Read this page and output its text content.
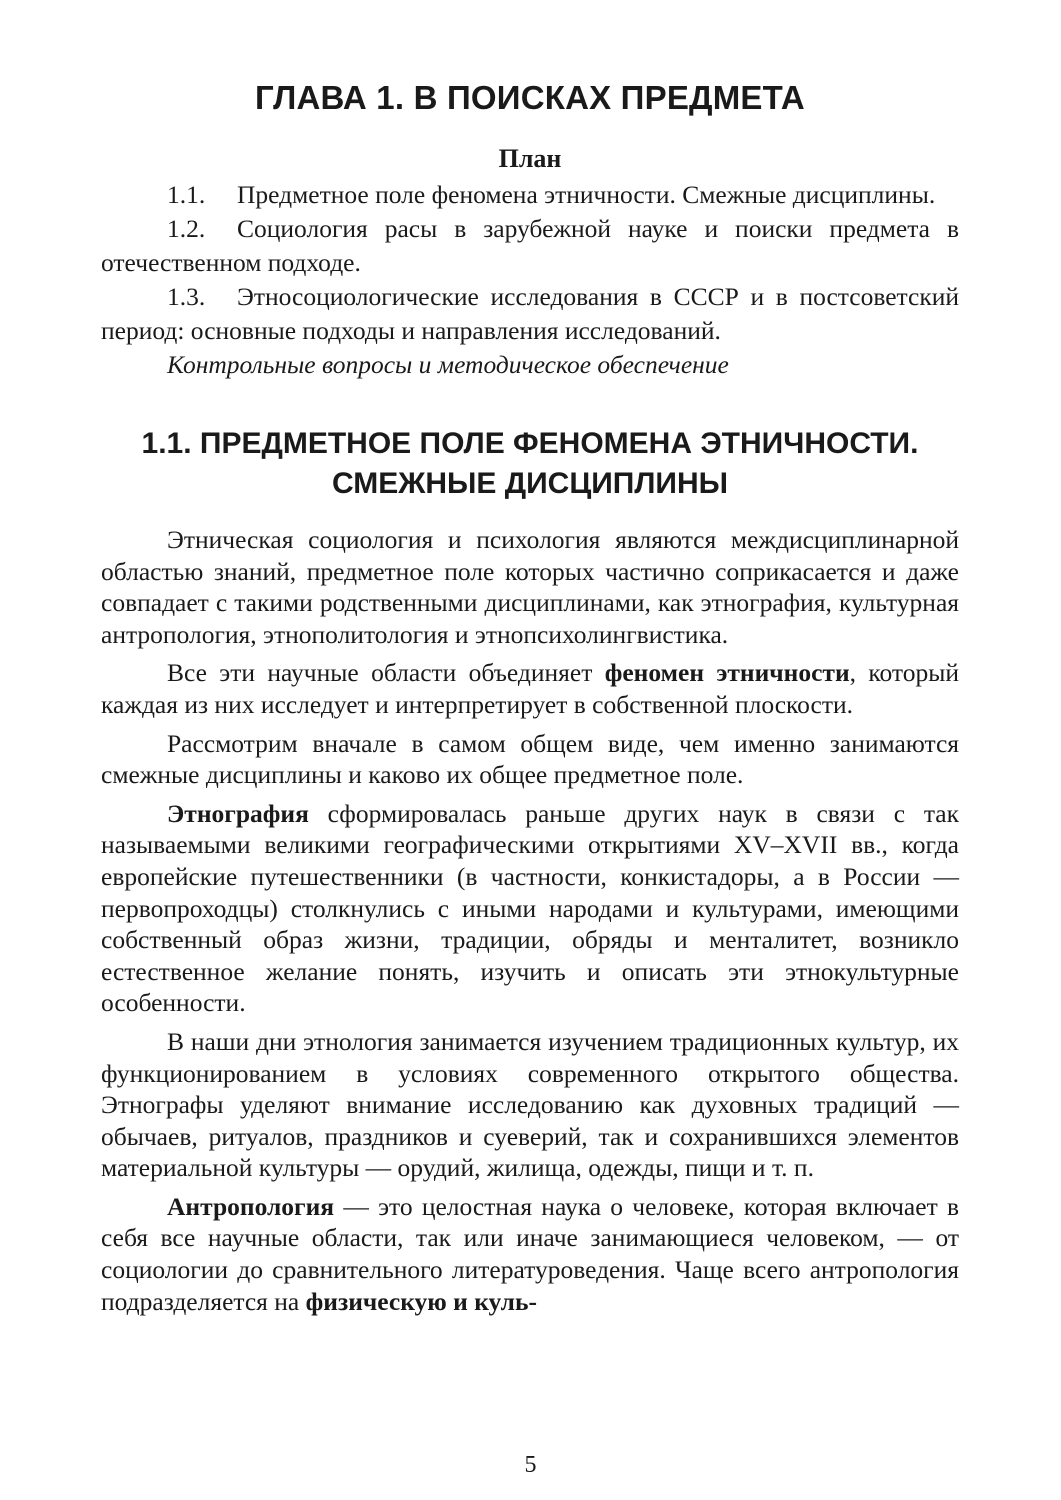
ГЛАВА 1. В ПОИСКАХ ПРЕДМЕТА
План

1.1. Предметное поле феномена этничности. Смежные дисциплины.

1.2. Социология расы в зарубежной науке и поиски предмета в отечественном подходе.

1.3. Этносоциологические исследования в СССР и в постсоветский период: основные подходы и направления исследований.

Контрольные вопросы и методическое обеспечение

1.1. ПРЕДМЕТНОЕ ПОЛЕ ФЕНОМЕНА ЭТНИЧНОСТИ.
СМЕЖНЫЕ ДИСЦИПЛИНЫ

Этническая социология и психология являются междисциплинарной областью знаний, предметное поле которых частично соприкасается и даже совпадает с такими родственными дисциплинами, как этнография, культурная антропология, этнополитология и этнопсихолингвистика.

Все эти научные области объединяет феномен этничности, который каждая из них исследует и интерпретирует в собственной плоскости.

Рассмотрим вначале в самом общем виде, чем именно занимаются смежные дисциплины и каково их общее предметное поле.

Этнография сформировалась раньше других наук в связи с так называемыми великими географическими открытиями XV–XVII вв., когда европейские путешественники (в частности, конкистадоры, а в России — первопроходцы) столкнулись с иными народами и культурами, имеющими собственный образ жизни, традиции, обряды и менталитет, возникло естественное желание понять, изучить и описать эти этнокультурные особенности.

В наши дни этнология занимается изучением традиционных культур, их функционированием в условиях современного открытого общества. Этнографы уделяют внимание исследованию как духовных традиций — обычаев, ритуалов, праздников и суеверий, так и сохранившихся элементов материальной культуры — орудий, жилища, одежды, пищи и т. п.

Антропология — это целостная наука о человеке, которая включает в себя все научные области, так или иначе занимающиеся человеком, — от социологии до сравнительного литературоведения. Чаще всего антропология подразделяется на физическую и куль-

5
